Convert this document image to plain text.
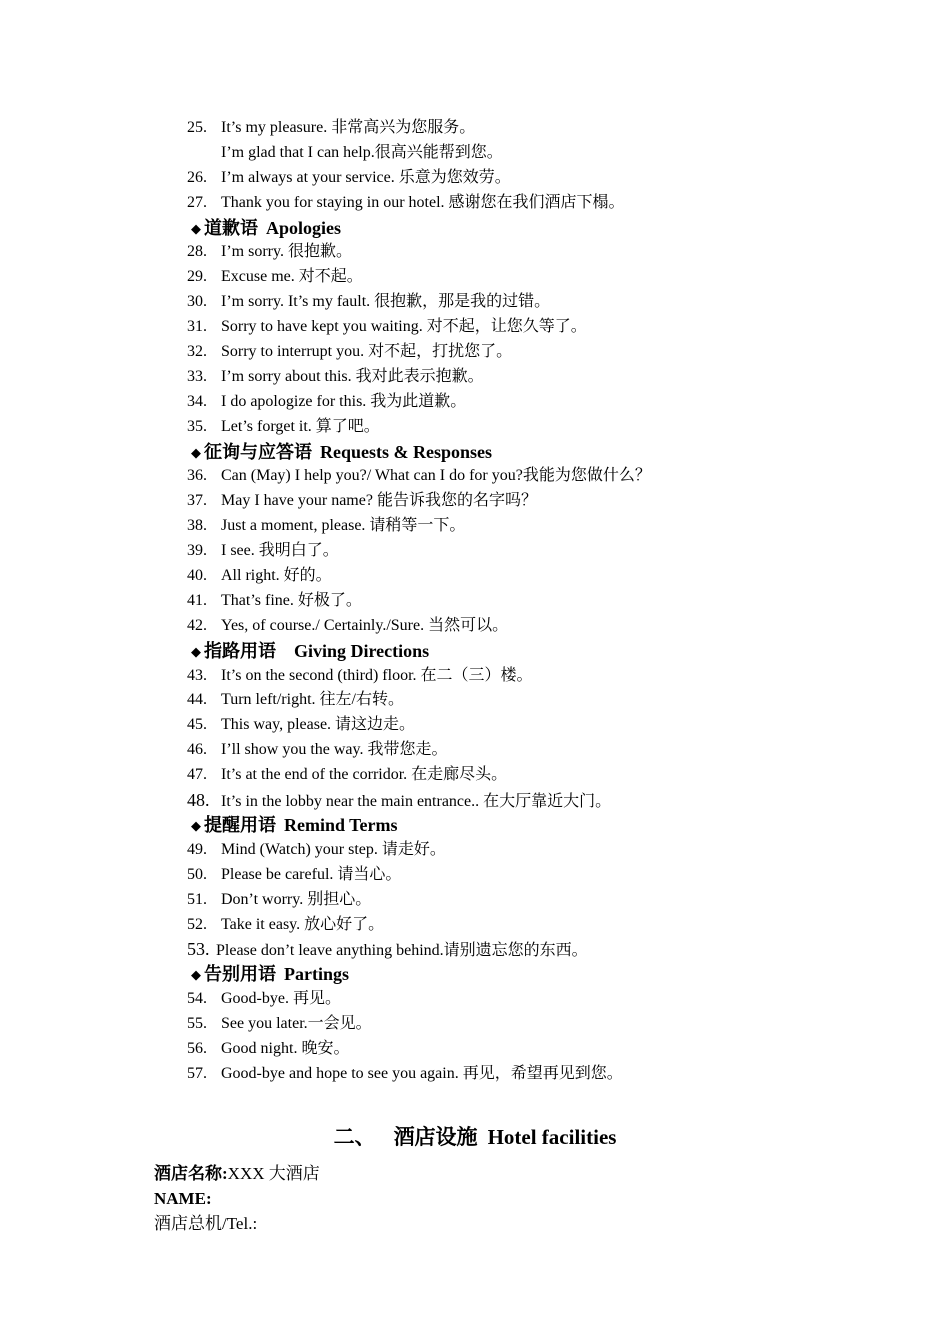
25. It’s my pleasure. 非常高兴为您服务。
I’m glad that I can help.很高兴能帮到您。
26. I’m always at your service. 乐意为您效劳。
27. Thank you for staying in our hotel. 感谢您在我们酒店下榻。
◆ 道歉语 Apologies
28. I’m sorry. 很抱歉。
29. Excuse me. 对不起。
30. I’m sorry. It’s my fault. 很抱歉，那是我的过错。
31. Sorry to have kept you waiting. 对不起，让您久等了。
32. Sorry to interrupt you. 对不起，打扰您了。
33. I’m sorry about this. 我对此表示抱歉。
34. I do apologize for this. 我为此道歉。
35. Let’s forget it. 算了吧。
◆ 征询与应答语 Requests & Responses
36. Can (May) I help you?/ What can I do for you?我能为您做什么？
37. May I have your name? 能告诉我您的名字吗？
38. Just a moment, please. 请稍等一下。
39. I see. 我明白了。
40. All right. 好的。
41. That’s fine. 好极了。
42. Yes, of course./ Certainly./Sure. 当然可以。
◆ 指路用语 Giving Directions
43. It’s on the second (third) floor. 在二（三）楼。
44. Turn left/right. 往左/右转。
45. This way, please. 请这边走。
46. I’ll show you the way. 我带您走。
47. It’s at the end of the corridor. 在走廊尽头。
48. It’s in the lobby near the main entrance.. 在大厅靠近大门。
◆ 提醒用语 Remind Terms
49. Mind (Watch) your step. 请走好。
50. Please be careful. 请当心。
51. Don’t worry. 别担心。
52. Take it easy. 放心好了。
53. Please don’t leave anything behind.请别遗忘您的东西。
◆ 告别用语 Partings
54. Good-bye. 再见。
55. See you later.一会见。
56. Good night. 晚安。
57. Good-bye and hope to see you again. 再见，希望再见到您。
二、 酒店设施 Hotel facilities
酒店名称:XXX 大酒店
NAME:
酒店总机/Tel.:
